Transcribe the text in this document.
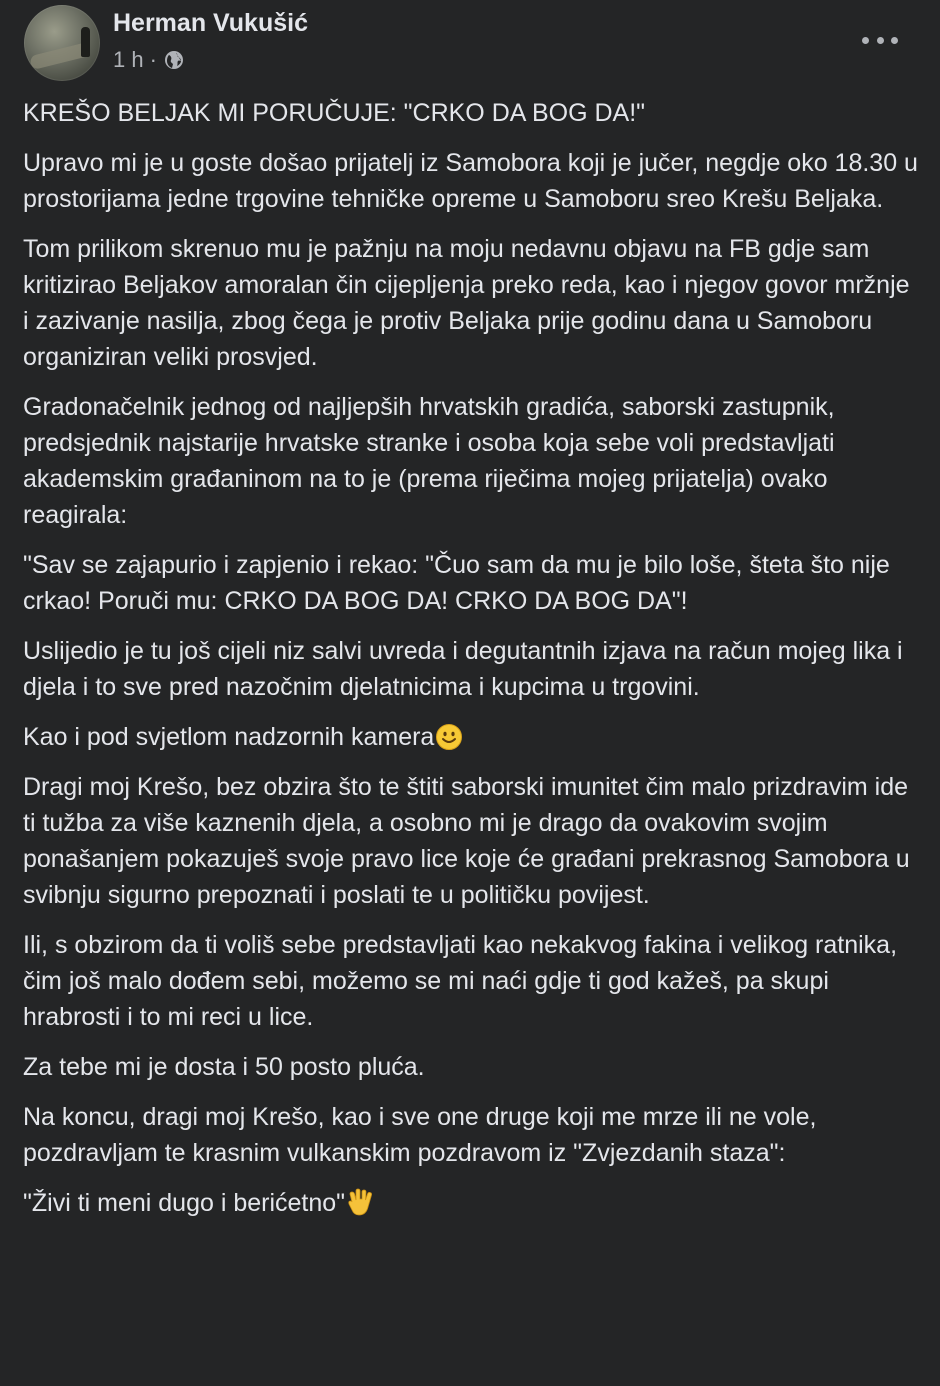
Herman Vukušić
1 h ·

KREŠO BELJAK MI PORUČUJE: "CRKO DA BOG DA!"

Upravo mi je u goste došao prijatelj iz Samobora koji je jučer, negdje oko 18.30 u prostorijama jedne trgovine tehničke opreme u Samoboru sreo Krešu Beljaka.

Tom prilikom skrenuo mu je pažnju na moju nedavnu objavu na FB gdje sam kritizirao Beljakov amoralan čin cijepljenja preko reda, kao i njegov govor mržnje i zazivanje nasilja, zbog čega je protiv Beljaka prije godinu dana u Samoboru organiziran veliki prosvjed.

Gradonačelnik jednog od najljepših hrvatskih gradića, saborski zastupnik, predsjednik najstarije hrvatske stranke i osoba koja sebe voli predstavljati akademskim građaninom na to je (prema riječima mojeg prijatelja) ovako reagirala:

"Sav se zajapurio i zapjenio i rekao: "Čuo sam da mu je bilo loše, šteta što nije crkao! Poruči mu: CRKO DA BOG DA! CRKO DA BOG DA"!

Uslijedio je tu još cijeli niz salvi uvreda i degutantnih izjava na račun mojeg lika i djela i to sve pred nazočnim djelatnicima i kupcima u trgovini.

Kao i pod svjetlom nadzornih kamera

Dragi moj Krešo, bez obzira što te štiti saborski imunitet čim malo prizdravim ide ti tužba za više kaznenih djela, a osobno mi je drago da ovakovim svojim ponašanjem pokazuješ svoje pravo lice koje će građani prekrasnog Samobora u svibnju sigurno prepoznati i poslati te u političku povijest.

Ili, s obzirom da ti voliš sebe predstavljati kao nekakvog fakina i velikog ratnika, čim još malo dođem sebi, možemo se mi naći gdje ti god kažeš, pa skupi hrabrosti i to mi reci u lice.

Za tebe mi je dosta i 50 posto pluća.

Na koncu, dragi moj Krešo, kao i sve one druge koji me mrze ili ne vole, pozdravljam te krasnim vulkanskim pozdravom iz "Zvjezdanih staza":

"Živi ti meni dugo i berićetno"
